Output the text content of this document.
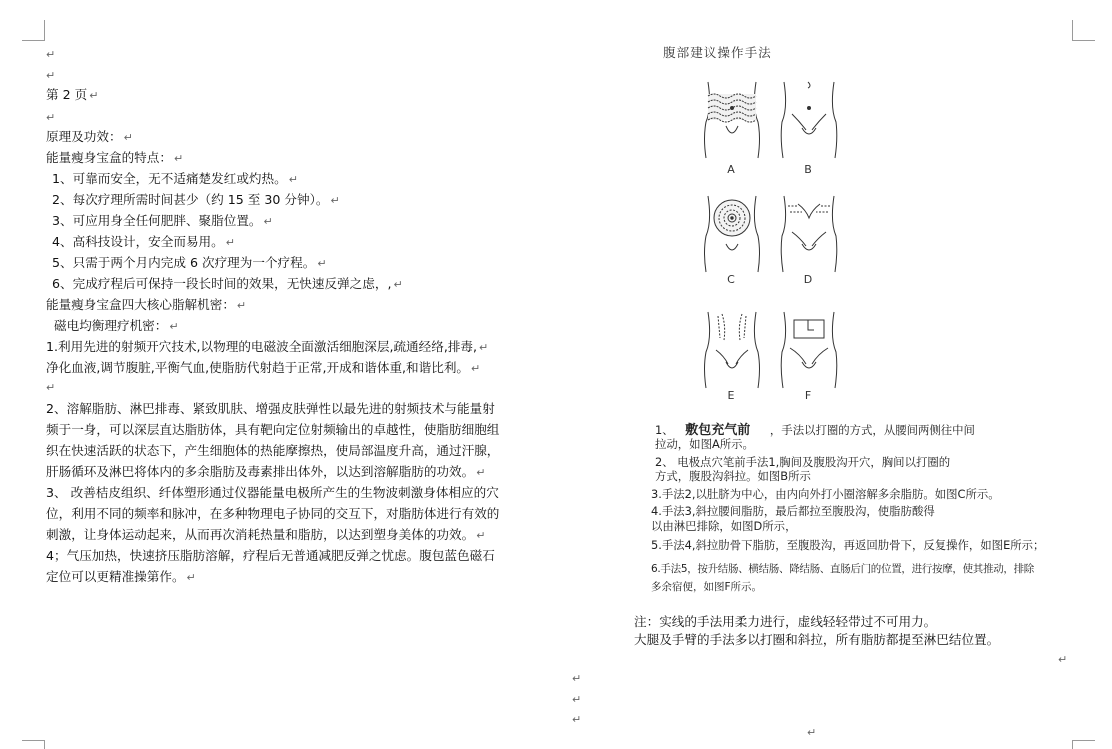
↵
↵
↵
↵
↵
↵
↵
↵
↵
第 2 页 ↵
原理及功效： ↵
能量瘦身宝盒的特点： ↵
1、可靠而安全，无不适痛楚发红或灼热。 ↵
2、每次疗理所需时间甚少（约 15 至 30 分钟）。 ↵
3、可应用身全任何肥胖、聚脂位置。 ↵
4、高科技设计，安全而易用。 ↵
5、只需于两个月内完成 6 次疗理为一个疗程。 ↵
6、完成疗程后可保持一段长时间的效果，无快速反弹之虑，, ↵
能量瘦身宝盒四大核心脂解机密： ↵
磁电均衡理疗机密： ↵
1.利用先进的射频开穴技术,以物理的电磁波全面激活细胞深层,疏通经络,排毒, ↵
净化血液,调节腹脏,平衡气血,使脂肪代射趋于正常,开成和谐体重,和谐比利。 ↵
2、溶解脂肪、淋巴排毒、紧致肌肤、增强皮肤弹性以最先进的射频技术与能量射
频于一身，可以深层直达脂肪体，具有靶向定位射频输出的卓越性，使脂肪细胞组
织在快速活跃的状态下，产生细胞体的热能摩擦热，使局部温度升高，通过汗腺，
肝肠循环及淋巴将体内的多余脂肪及毒素排出体外，以达到溶解脂肪的功效。 ↵
3、 改善桔皮组织、纤体塑形通过仪器能量电极所产生的生物波刺激身体相应的穴
位，利用不同的频率和脉冲，在多种物理电子协同的交互下，对脂肪体进行有效的
刺激，让身体运动起来，从而再次消耗热量和脂肪，以达到塑身美体的功效。 ↵
4；气压加热，快速挤压脂肪溶解，疗程后无普通减肥反弹之忧虑。腹包蓝色磁石
定位可以更精准操第作。 ↵
腹部建议操作手法
A	B
C	D
E	F
1、 敷包充气前 ，手法以打圈的方式，从腰间两侧往中间
拉动，如图A所示。
2、 电极点穴笔前手法1,胸间及腹股沟开穴，胸间以打圈的
方式，腹股沟斜拉。如图B所示
3.手法2,以肚脐为中心，由内向外打小圈溶解多余脂肪。如图C所示。
4.手法3,斜拉腰间脂肪，最后都拉至腹股沟，使脂肪酸得
以由淋巴排除，如图D所示，
5.手法4,斜拉肋骨下脂肪，至腹股沟，再返回肋骨下，反复操作，如图E所示；
6.手法5，按升结肠、横结肠、降结肠、直肠后门的位置，进行按摩，使其推动，排除
多余宿便，如图F所示。
注：实线的手法用柔力进行，虚线轻轻带过不可用力。
大腿及手臂的手法多以打圈和斜拉，所有脂肪都提至淋巴结位置。
